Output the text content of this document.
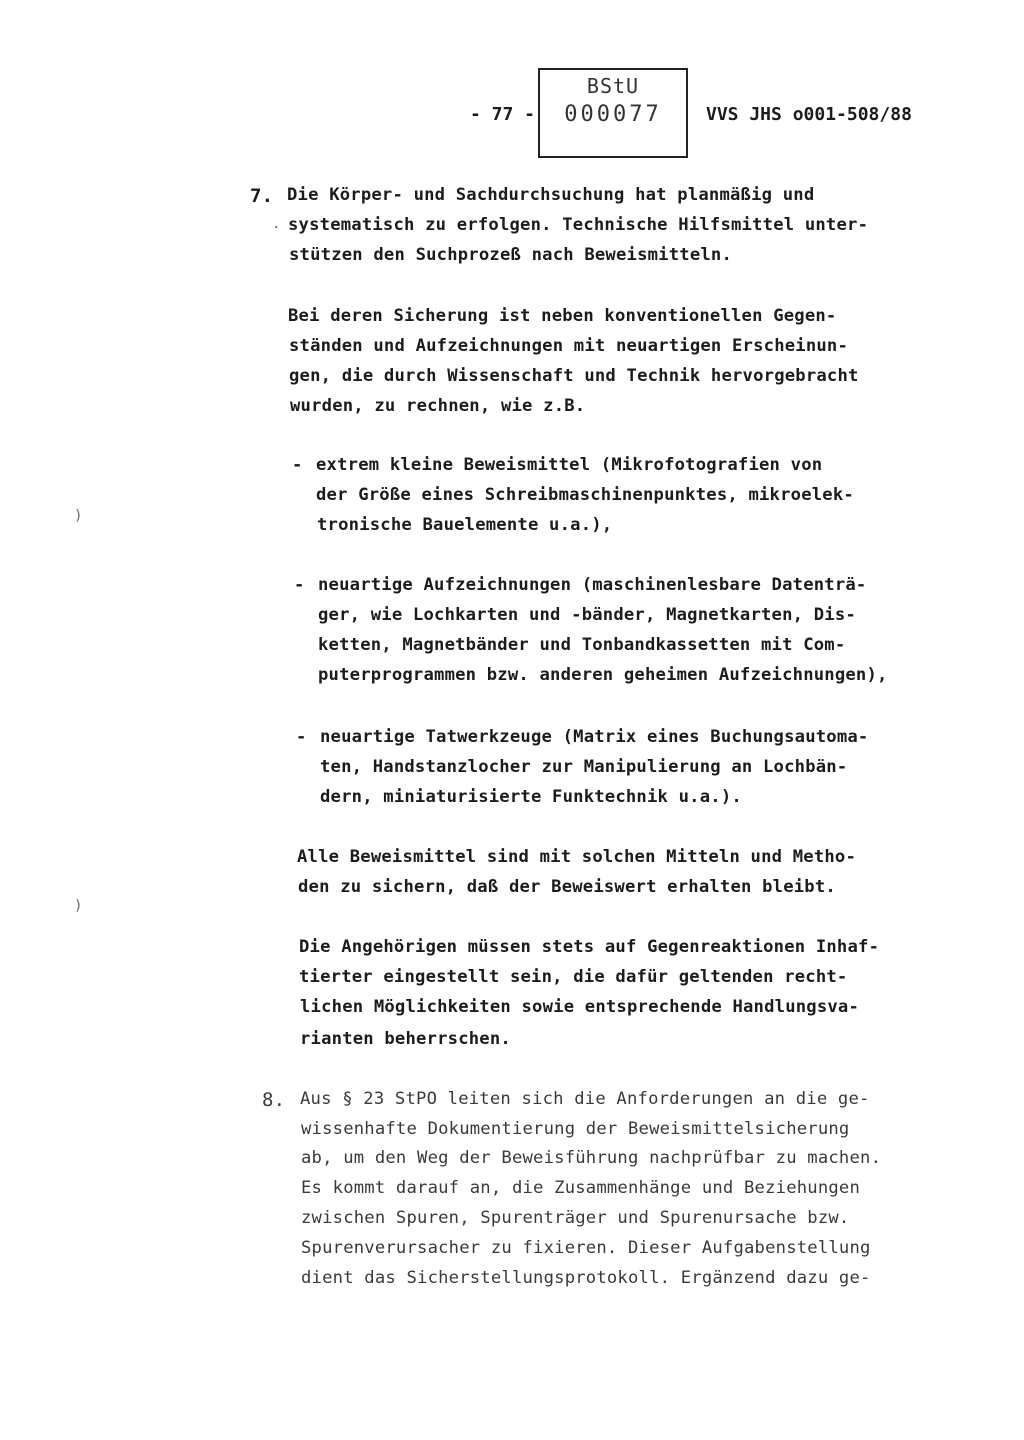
- 77 -
BStU
000077	VVS JHS o001-508/88
7. Die Körper- und Sachdurchsuchung hat planmäßig und
systematisch zu erfolgen. Technische Hilfsmittel unter-
stützen den Suchprozeß nach Beweismitteln.
Bei deren Sicherung ist neben konventionellen Gegen-
ständen und Aufzeichnungen mit neuartigen Erscheinun-
gen, die durch Wissenschaft und Technik hervorgebracht
wurden, zu rechnen, wie z.B.
- extrem kleine Beweismittel (Mikrofotografien von
der Größe eines Schreibmaschinenpunktes, mikroelek-
tronische Bauelemente u.a.),
- neuartige Aufzeichnungen (maschinenlesbare Datenträ-
ger, wie Lochkarten und -bänder, Magnetkarten, Dis-
ketten, Magnetbänder und Tonbandkassetten mit Com-
puterprogrammen bzw. anderen geheimen Aufzeichnungen),
- neuartige Tatwerkzeuge (Matrix eines Buchungsautoma-
ten, Handstanzlocher zur Manipulierung an Lochbän-
dern, miniaturisierte Funktechnik u.a.).
Alle Beweismittel sind mit solchen Mitteln und Metho-
den zu sichern, daß der Beweiswert erhalten bleibt.
Die Angehörigen müssen stets auf Gegenreaktionen Inhaf-
tierter eingestellt sein, die dafür geltenden recht-
lichen Möglichkeiten sowie entsprechende Handlungsva-
rianten beherrschen.
8. Aus § 23 StPO leiten sich die Anforderungen an die ge-
wissenhafte Dokumentierung der Beweismittelsicherung
ab, um den Weg der Beweisführung nachprüfbar zu machen.
Es kommt darauf an, die Zusammenhänge und Beziehungen
zwischen Spuren, Spurenträger und Spurenursache bzw.
Spurenverursacher zu fixieren. Dieser Aufgabenstellung
dient das Sicherstellungsprotokoll. Ergänzend dazu ge-
·
)
)
